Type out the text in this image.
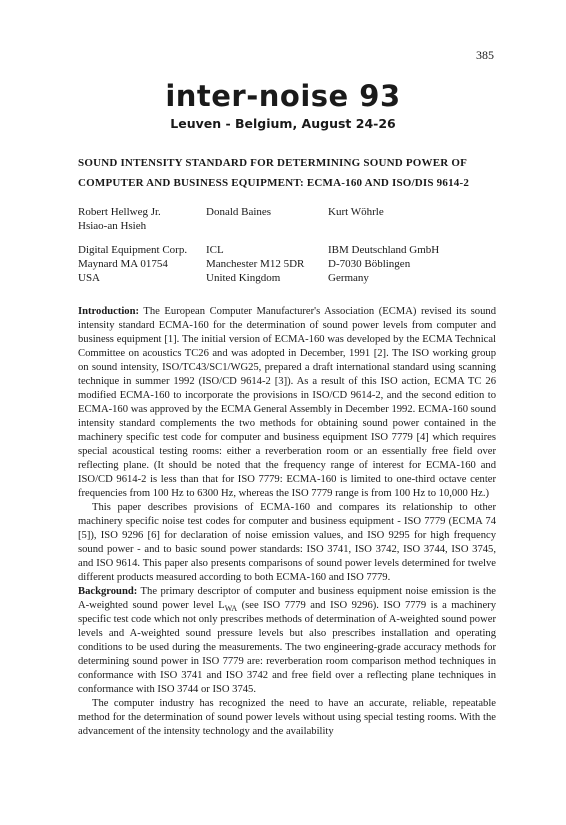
385
inter-noise 93
Leuven - Belgium, August 24-26
SOUND INTENSITY STANDARD FOR DETERMINING SOUND POWER OF
COMPUTER AND BUSINESS EQUIPMENT: ECMA-160 AND ISO/DIS 9614-2
Robert Hellweg Jr.
Hsiao-an Hsieh
Donald Baines	Kurt Wöhrle
Digital Equipment Corp.
Maynard MA 01754
USA
ICL
Manchester M12 5DR
United Kingdom
IBM Deutschland GmbH
D-7030 Böblingen
Germany

Introduction: The European Computer Manufacturer's Association (ECMA) revised its sound intensity standard ECMA-160 for the determination of sound power levels from computer and business equipment [1]. The initial version of ECMA-160 was developed by the ECMA Technical Committee on acoustics TC26 and was adopted in December, 1991 [2]. The ISO working group on sound intensity, ISO/TC43/SC1/WG25, prepared a draft international standard using scanning technique in summer 1992 (ISO/CD 9614-2 [3]). As a result of this ISO action, ECMA TC 26 modified ECMA-160 to incorporate the provisions in ISO/CD 9614-2, and the second edition to ECMA-160 was approved by the ECMA General Assembly in December 1992. ECMA-160 sound intensity standard complements the two methods for obtaining sound power contained in the machinery specific test code for computer and business equipment ISO 7779 [4] which requires special acoustical testing rooms: either a reverberation room or an essentially free field over reflecting plane. (It should be noted that the frequency range of interest for ECMA-160 and ISO/CD 9614-2 is less than that for ISO 7779: ECMA-160 is limited to one-third octave center frequencies from 100 Hz to 6300 Hz, whereas the ISO 7779 range is from 100 Hz to 10,000 Hz.)

This paper describes provisions of ECMA-160 and compares its relationship to other machinery specific noise test codes for computer and business equipment - ISO 7779 (ECMA 74 [5]), ISO 9296 [6] for declaration of noise emission values, and ISO 9295 for high frequency sound power - and to basic sound power standards: ISO 3741, ISO 3742, ISO 3744, ISO 3745, and ISO 9614. This paper also presents comparisons of sound power levels determined for twelve different products measured according to both ECMA-160 and ISO 7779.

Background: The primary descriptor of computer and business equipment noise emission is the A-weighted sound power level $L_{WA}$ (see ISO 7779 and ISO 9296). ISO 7779 is a machinery specific test code which not only prescribes methods of determination of A-weighted sound power levels and A-weighted sound pressure levels but also prescribes installation and operating conditions to be used during the measurements. The two engineering-grade accuracy methods for determining sound power in ISO 7779 are: reverberation room comparison method techniques in conformance with ISO 3741 and ISO 3742 and free field over a reflecting plane techniques in conformance with ISO 3744 or ISO 3745.

The computer industry has recognized the need to have an accurate, reliable, repeatable method for the determination of sound power levels without using special testing rooms. With the advancement of the intensity technology and the availability
